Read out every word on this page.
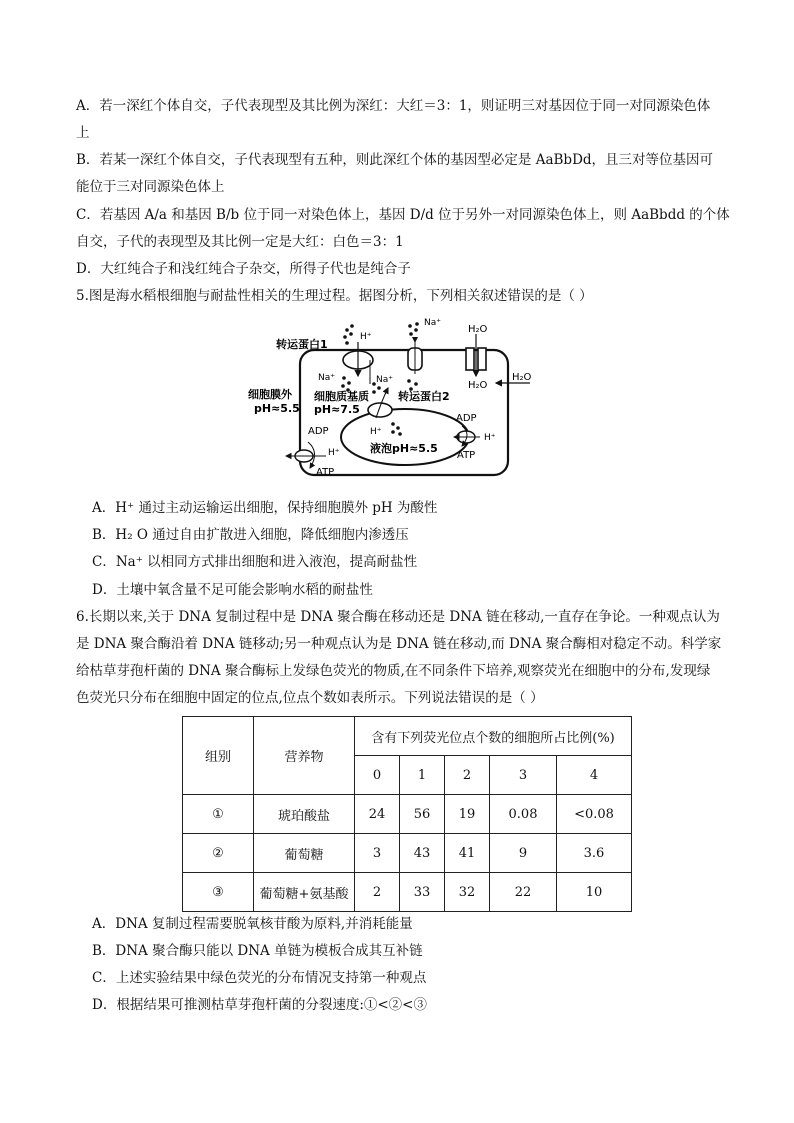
A．若一深红个体自交，子代表现型及其比例为深红：大红＝3：1，则证明三对基因位于同一对同源染色体
上
B．若某一深红个体自交，子代表现型有五种，则此深红个体的基因型必定是 AaBbDd，且三对等位基因可
能位于三对同源染色体上
C．若基因 A/a 和基因 B/b 位于同一对染色体上，基因 D/d 位于另外一对同源染色体上，则 AaBbdd 的个体
自交，子代的表现型及其比例一定是大红：白色＝3：1
D．大红纯合子和浅红纯合子杂交，所得子代也是纯合子
5.图是海水稻根细胞与耐盐性相关的生理过程。据图分析，下列相关叙述错误的是（ ）
H⁺
Na⁺
转运蛋白1
Na⁺
H₂O
H₂O
H₂O
细胞膜外
pH≈5.5
细胞质基质
pH≈7.5
Na⁺
转运蛋白2
H⁺
液泡pH≈5.5
ADP
ATP
H⁺
ADP
ATP
H⁺
A．H⁺ 通过主动运输运出细胞，保持细胞膜外 pH 为酸性
B．H₂ O 通过自由扩散进入细胞，降低细胞内渗透压
C．Na⁺ 以相同方式排出细胞和进入液泡，提高耐盐性
D．土壤中氧含量不足可能会影响水稻的耐盐性
6.长期以来,关于 DNA 复制过程中是 DNA 聚合酶在移动还是 DNA 链在移动,一直存在争论。一种观点认为
是 DNA 聚合酶沿着 DNA 链移动;另一种观点认为是 DNA 链在移动,而 DNA 聚合酶相对稳定不动。科学家
给枯草芽孢杆菌的 DNA 聚合酶标上发绿色荧光的物质,在不同条件下培养,观察荧光在细胞中的分布,发现绿
色荧光只分布在细胞中固定的位点,位点个数如表所示。下列说法错误的是（ ）
组别	营养物	含有下列荧光位点个数的细胞所占比例(%)				
		0	1	2	3	4
①	琥珀酸盐	24	56	19	0.08	<0.08
②	葡萄糖	3	43	41	9	3.6
③	葡萄糖+氨基酸	2	33	32	22	10
A．DNA 复制过程需要脱氧核苷酸为原料,并消耗能量
B．DNA 聚合酶只能以 DNA 单链为模板合成其互补链
C．上述实验结果中绿色荧光的分布情况支持第一种观点
D．根据结果可推测枯草芽孢杆菌的分裂速度:①<②<③
